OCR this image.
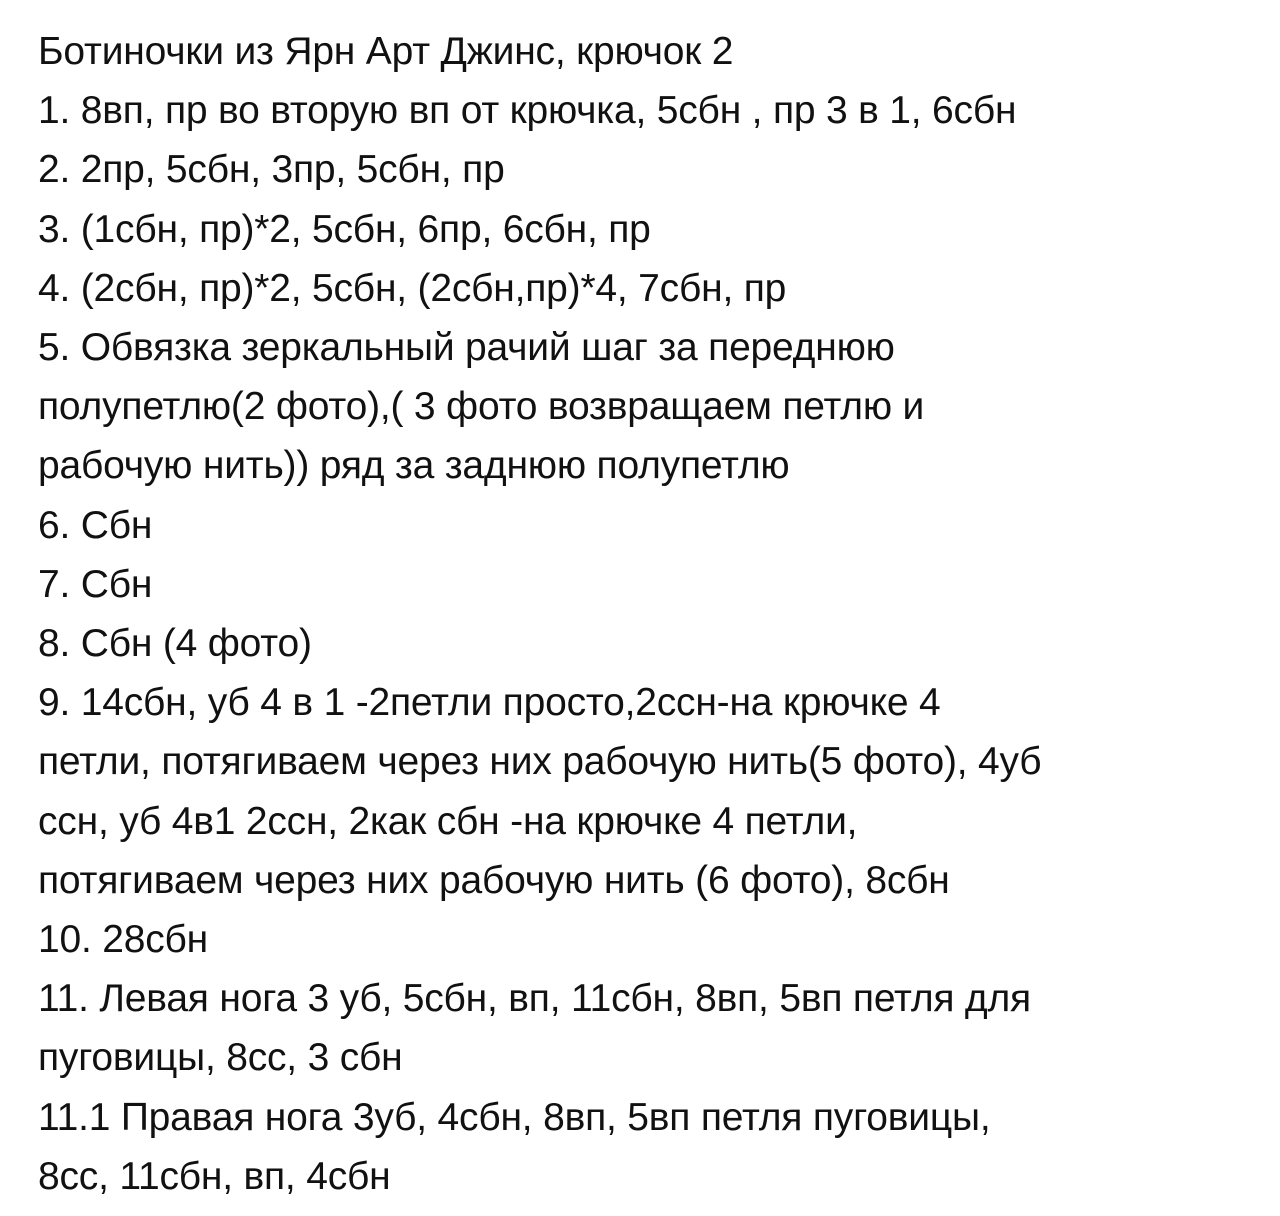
Ботиночки из Ярн Арт Джинс, крючок 2
1. 8вп, пр во вторую вп от крючка, 5сбн , пр 3 в 1, 6сбн
2. 2пр, 5сбн, 3пр, 5сбн, пр
3. (1сбн, пр)*2, 5сбн, 6пр, 6сбн, пр
4. (2сбн, пр)*2, 5сбн, (2сбн,пр)*4, 7сбн, пр
5. Обвязка зеркальный рачий шаг за переднюю
полупетлю(2 фото),( 3 фото возвращаем петлю и
рабочую нить)) ряд за заднюю полупетлю
6. Сбн
7. Сбн
8. Сбн (4 фото)
9. 14сбн, уб 4 в 1 -2петли просто,2ссн-на крючке 4
петли, потягиваем через них рабочую нить(5 фото), 4уб
ссн, уб 4в1 2ссн, 2как сбн -на крючке 4 петли,
потягиваем через них рабочую нить (6 фото), 8сбн
10. 28сбн
11. Левая нога 3 уб, 5сбн, вп, 11сбн, 8вп, 5вп петля для
пуговицы, 8сс, 3 сбн
11.1 Правая нога 3уб, 4сбн, 8вп, 5вп петля пуговицы,
8сс, 11сбн, вп, 4сбн
